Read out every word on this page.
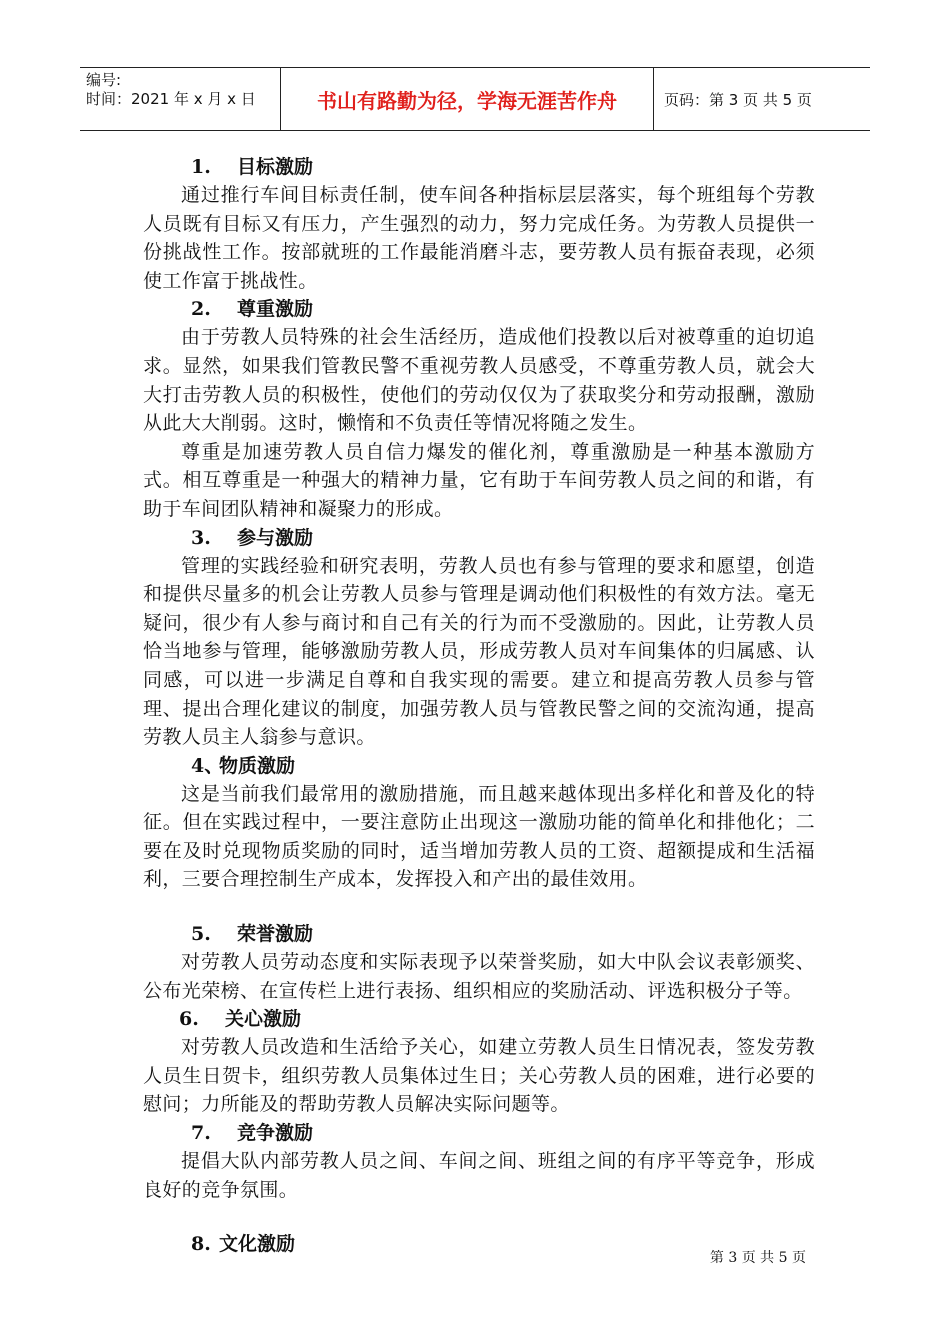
编号:
时间：2021 年 x 月 x 日	书山有路勤为径，学海无涯苦作舟	页码：第 3 页 共 5 页
1. 目标激励

通过推行车间目标责任制，使车间各种指标层层落实，每个班组每个劳教人员既有目标又有压力，产生强烈的动力，努力完成任务。为劳教人员提供一份挑战性工作。按部就班的工作最能消磨斗志，要劳教人员有振奋表现，必须使工作富于挑战性。

2. 尊重激励

由于劳教人员特殊的社会生活经历，造成他们投教以后对被尊重的迫切追求。显然，如果我们管教民警不重视劳教人员感受，不尊重劳教人员，就会大大打击劳教人员的积极性，使他们的劳动仅仅为了获取奖分和劳动报酬，激励从此大大削弱。这时，懒惰和不负责任等情况将随之发生。

尊重是加速劳教人员自信力爆发的催化剂，尊重激励是一种基本激励方式。相互尊重是一种强大的精神力量，它有助于车间劳教人员之间的和谐，有助于车间团队精神和凝聚力的形成。

3. 参与激励

管理的实践经验和研究表明，劳教人员也有参与管理的要求和愿望，创造和提供尽量多的机会让劳教人员参与管理是调动他们积极性的有效方法。毫无疑问，很少有人参与商讨和自己有关的行为而不受激励的。因此，让劳教人员恰当地参与管理，能够激励劳教人员，形成劳教人员对车间集体的归属感、认同感，可以进一步满足自尊和自我实现的需要。建立和提高劳教人员参与管理、提出合理化建议的制度，加强劳教人员与管教民警之间的交流沟通，提高劳教人员主人翁参与意识。

4、物质激励

这是当前我们最常用的激励措施，而且越来越体现出多样化和普及化的特征。但在实践过程中，一要注意防止出现这一激励功能的简单化和排他化；二要在及时兑现物质奖励的同时，适当增加劳教人员的工资、超额提成和生活福利，三要合理控制生产成本，发挥投入和产出的最佳效用。

5. 荣誉激励

对劳教人员劳动态度和实际表现予以荣誉奖励，如大中队会议表彰颁奖、公布光荣榜、在宣传栏上进行表扬、组织相应的奖励活动、评选积极分子等。

6. 关心激励

对劳教人员改造和生活给予关心，如建立劳教人员生日情况表，签发劳教人员生日贺卡，组织劳教人员集体过生日；关心劳教人员的困难，进行必要的慰问；力所能及的帮助劳教人员解决实际问题等。

7. 竞争激励

提倡大队内部劳教人员之间、车间之间、班组之间的有序平等竞争，形成良好的竞争氛围。

8. 文化激励
第 3 页 共 5 页
